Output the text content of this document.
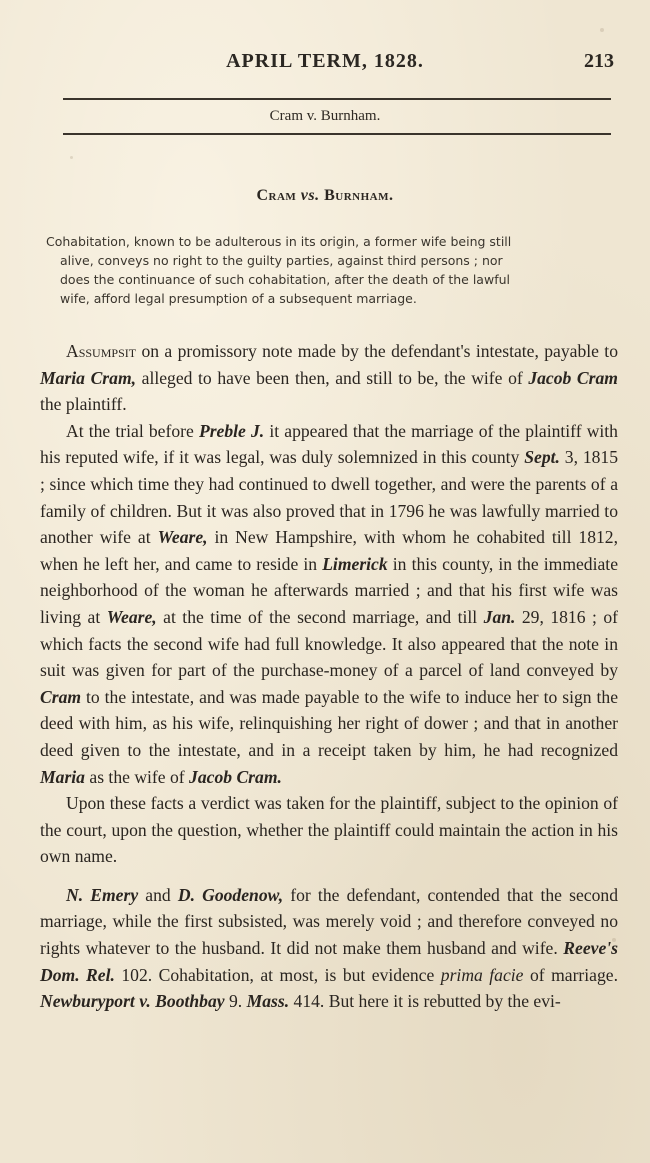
APRIL TERM, 1828.	213
Cram v. Burnham.
Cram vs. Burnham.
Cohabitation, known to be adulterous in its origin, a former wife being still
alive, conveys no right to the guilty parties, against third persons ; nor
does the continuance of such cohabitation, after the death of the lawful
wife, afford legal presumption of a subsequent marriage.

Assumpsit on a promissory note made by the defendant's intestate, payable to Maria Cram, alleged to have been then, and still to be, the wife of Jacob Cram the plaintiff.

At the trial before Preble J. it appeared that the marriage of the plaintiff with his reputed wife, if it was legal, was duly solemnized in this county Sept. 3, 1815 ; since which time they had continued to dwell together, and were the parents of a family of children. But it was also proved that in 1796 he was lawfully married to another wife at Weare, in New Hampshire, with whom he cohabited till 1812, when he left her, and came to reside in Limerick in this county, in the immediate neighborhood of the woman he afterwards married ; and that his first wife was living at Weare, at the time of the second marriage, and till Jan. 29, 1816 ; of which facts the second wife had full knowledge. It also appeared that the note in suit was given for part of the purchase-money of a parcel of land conveyed by Cram to the intestate, and was made payable to the wife to induce her to sign the deed with him, as his wife, relinquishing her right of dower ; and that in another deed given to the intestate, and in a receipt taken by him, he had recognized Maria as the wife of Jacob Cram.

Upon these facts a verdict was taken for the plaintiff, subject to the opinion of the court, upon the question, whether the plaintiff could maintain the action in his own name.

N. Emery and D. Goodenow, for the defendant, contended that the second marriage, while the first subsisted, was merely void ; and therefore conveyed no rights whatever to the husband. It did not make them husband and wife. Reeve's Dom. Rel. 102. Cohabitation, at most, is but evidence prima facie of marriage. Newburyport v. Boothbay 9. Mass. 414. But here it is rebutted by the evi-
